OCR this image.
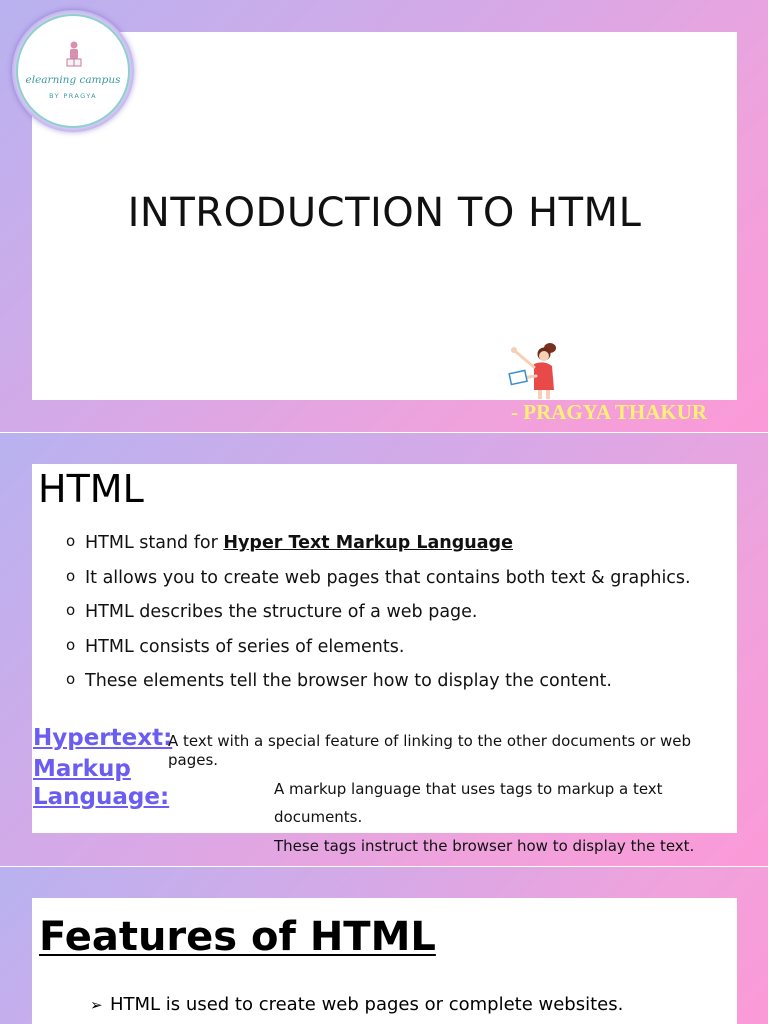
elearning campus
BY PRAGYA
INTRODUCTION TO HTML
- PRAGYA THAKUR
HTML
o HTML stand for Hyper Text Markup Language
o It allows you to create web pages that contains both text & graphics.
o HTML describes the structure of a web page.
o HTML consists of series of elements.
o These elements tell the browser how to display the content.
Hypertext:
A text with a special feature of linking to the other documents or web pages.
Markup
Language:	A markup language that uses tags to markup a text documents.
These tags instruct the browser how to display the text.
Features of HTML
➢ HTML is used to create web pages or complete websites.
